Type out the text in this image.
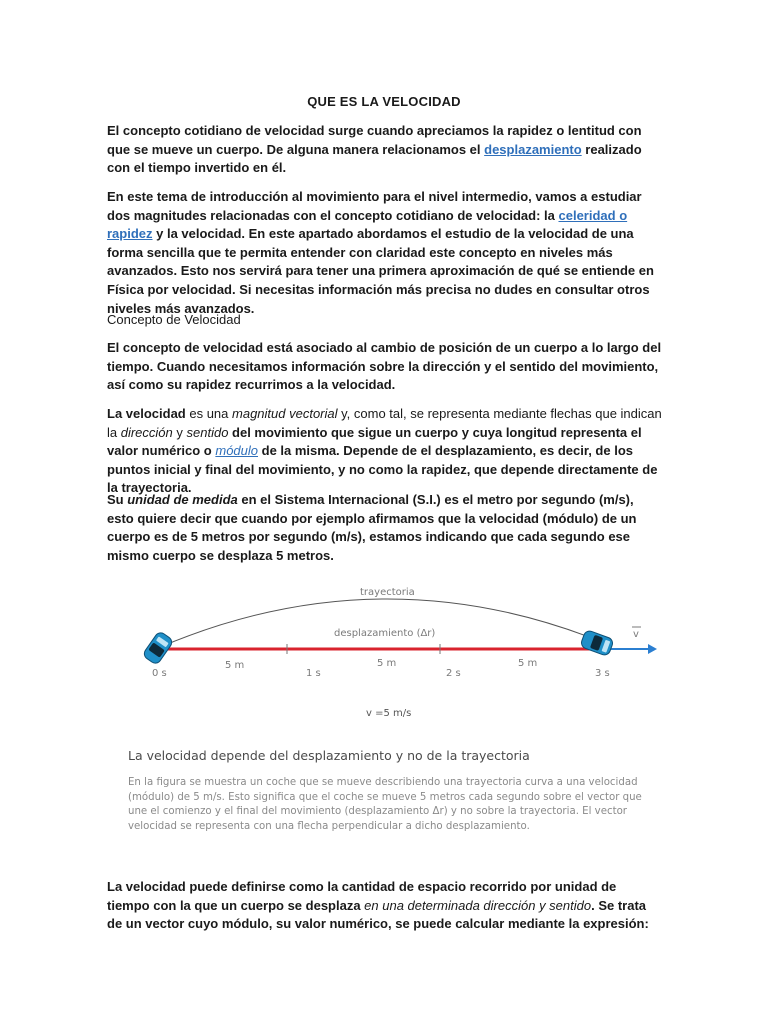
QUE ES LA VELOCIDAD
El concepto cotidiano de velocidad surge cuando apreciamos la rapidez o lentitud con que se mueve un cuerpo. De alguna manera relacionamos el desplazamiento realizado con el tiempo invertido en él.
En este tema de introducción al movimiento para el nivel intermedio, vamos a estudiar dos magnitudes relacionadas con el concepto cotidiano de velocidad: la celeridad o rapidez y la velocidad. En este apartado abordamos el estudio de la velocidad de una forma sencilla que te permita entender con claridad este concepto en niveles más avanzados. Esto nos servirá para tener una primera aproximación de qué se entiende en Física por velocidad. Si necesitas información más precisa no dudes en consultar otros niveles más avanzados.
Concepto de Velocidad
El concepto de velocidad está asociado al cambio de posición de un cuerpo a lo largo del tiempo. Cuando necesitamos información sobre la dirección y el sentido del movimiento, así como su rapidez recurrimos a la velocidad.
La velocidad es una magnitud vectorial y, como tal, se representa mediante flechas que indican la dirección y sentido del movimiento que sigue un cuerpo y cuya longitud representa el valor numérico o módulo de la misma. Depende de el desplazamiento, es decir, de los puntos inicial y final del movimiento, y no como la rapidez, que depende directamente de la trayectoria.
Su unidad de medida en el Sistema Internacional (S.I.) es el metro por segundo (m/s), esto quiere decir que cuando por ejemplo afirmamos que la velocidad (módulo) de un cuerpo es de 5 metros por segundo (m/s), estamos indicando que cada segundo ese mismo cuerpo se desplaza 5 metros.
trayectoria
desplazamiento (Δr)	v
5 m	5 m	5 m
0 s	1 s	2 s	3 s
v =5 m/s
La velocidad depende del desplazamiento y no de la trayectoria
En la figura se muestra un coche que se mueve describiendo una trayectoria curva a una velocidad (módulo) de 5 m/s. Esto significa que el coche se mueve 5 metros cada segundo sobre el vector que une el comienzo y el final del movimiento (desplazamiento Δr) y no sobre la trayectoria. El vector velocidad se representa con una flecha perpendicular a dicho desplazamiento.
La velocidad puede definirse como la cantidad de espacio recorrido por unidad de tiempo con la que un cuerpo se desplaza en una determinada dirección y sentido. Se trata de un vector cuyo módulo, su valor numérico, se puede calcular mediante la expresión:
